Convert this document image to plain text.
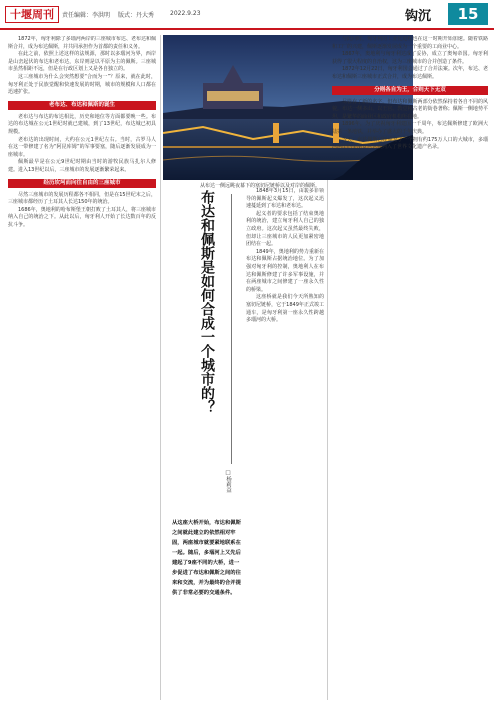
十堰周刊	责任编辑：李洪明 版式：丹大秀	2022.9.23	钩沉	15

1872年，匈牙利除了多瑙河两岸的三座城市布达、老布达和佩斯合并，成为布达佩斯，并共同承担作为首都的责任和义务。

在此之前，依照上述这样的法规源，那时以多瑙河为界，西岸是山峦起伏的布达和老布达，东岸则是以平原为主的佩斯。三座城市虽然相距不远，但是在行政区划上又是各自独立的。

这三座城市为什么会突然想要“合而为一”？原来，就在此时，匈牙利正处于民族觉醒和快速发展的时期，城市的规模和人口都在迅速扩张。

老布达、布达和佩斯的诞生

老布达与布达的布达相比，历史和地位等方面都要晚一些。布达的布达城在公元1世纪时就已建城，到了13世纪，布达城已初具规模。

老布达的出现时间，大约在公元1世纪左右。当时，古罗马人在这一带修建了名为“阿昆库姆”的军事要塞，随后逐渐发展成为一座城市。

佩斯最早是在公元9世纪时期由当时的游牧民族马扎尔人修建。进入13世纪以后，三座城市的发展逐渐繁荣起来。

经历坎坷而向往自由的三座城市

尽然三座城市的发展历程都各不相同，但是在15世纪末之后，三座城市都经历了土耳其人长达150年的统治。

1686年，奥地利的哈布斯堡王朝打败了土耳其人，将三座城市纳入自己的统治之下。从此以后，匈牙利人开始了长达数百年的反抗斗争。

从布达一侧远眺夜幕下的塞切尼链桥以及对岸的佩斯。
布达和佩斯是如何合成一个城市的？
□杨莉益
从这座大桥开始，布达和佩斯之间就此建立的依然相对牢固，两座城市就要紧地联系在一起。随后，多瑙河上又先后建起了9座不同的大桥，进一步促进了布达和佩斯之间的往来和交流，并为最终的合并提供了非常必要的交通条件。

1848年3月15日，由裴多菲领导的佩斯起义爆发了，这次起义迅速蔓延到了布达和老布达。

起义者的要求包括了结束奥地利的统治，建立匈牙利人自己的独立政府。这次起义虽然最终失败，但却让三座城市的人民更加紧密地团结在一起。

1849年，奥地利的势力重新在布达和佩斯占据统治地位。为了加强对匈牙利的控制，奥地利人在布达和佩斯修建了许多军事设施，并在两座城市之间修建了一座永久性的桥梁。

这座桥就是我们今天所熟知的塞切尼链桥，它于1849年正式竣工通车，是匈牙利第一座永久性跨越多瑙河的大桥。

与此同时，匈牙利的工业化进程也在这一时期开始加速。随着铁路和工厂的兴建，佩斯逐渐发展成为一个重要的工商业中心。

1867年，奥地利与匈牙利达成了妥协，成立了奥匈帝国。匈牙利获得了很大程度的自治权，这为三座城市的合并创造了条件。

1872年12月22日，匈牙利国会通过了合并法案。次年，布达、老布达和佩斯三座城市正式合并，成为布达佩斯。

分则各自为王，合则天下无双

尽管有了新的名字，但布达和佩斯两部分依然保持着各自不同的风貌。布达一侧多山，以王宫、教堂和古老的街巷著称；佩斯一侧地势平坦，是繁华的商业区和政府机构所在地。

1896年，为了庆祝匈牙利建国一千周年，布达佩斯修建了欧洲大陆第一条地铁，并举办了盛大的千年庆典。

今天，布达佩斯已经成为了一个拥有约175万人口的大城市，多瑙河两岸的美丽景色也被列入了世界文化遗产名录。
